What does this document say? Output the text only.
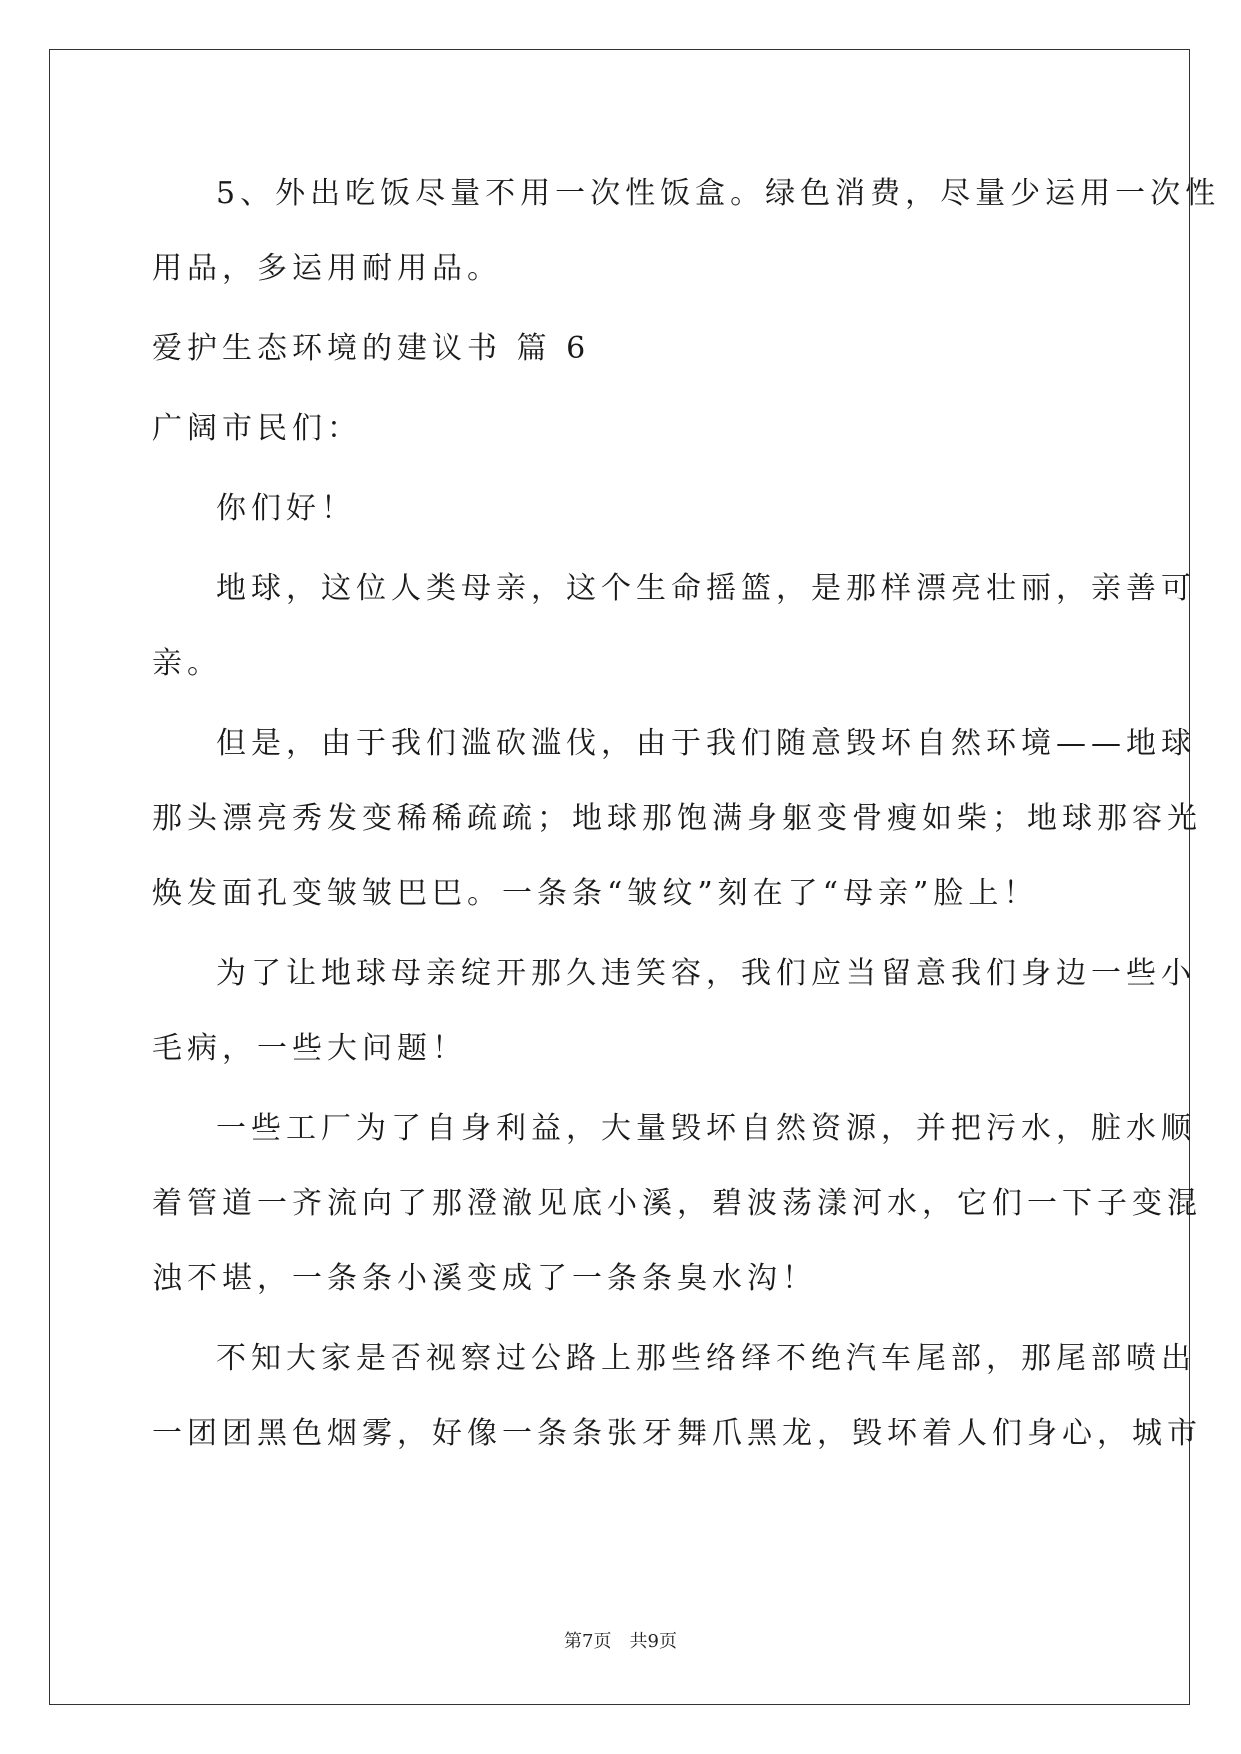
5、外出吃饭尽量不用一次性饭盒。绿色消费，尽量少运用一次性
用品，多运用耐用品。
爱护生态环境的建议书 篇 6
广阔市民们：
你们好！
地球，这位人类母亲，这个生命摇篮，是那样漂亮壮丽，亲善可
亲。
但是，由于我们滥砍滥伐，由于我们随意毁坏自然环境——地球
那头漂亮秀发变稀稀疏疏；地球那饱满身躯变骨瘦如柴；地球那容光
焕发面孔变皱皱巴巴。一条条“皱纹”刻在了“母亲”脸上！
为了让地球母亲绽开那久违笑容，我们应当留意我们身边一些小
毛病，一些大问题！
一些工厂为了自身利益，大量毁坏自然资源，并把污水，脏水顺
着管道一齐流向了那澄澈见底小溪，碧波荡漾河水，它们一下子变混
浊不堪，一条条小溪变成了一条条臭水沟！
不知大家是否视察过公路上那些络绎不绝汽车尾部，那尾部喷出
一团团黑色烟雾，好像一条条张牙舞爪黑龙，毁坏着人们身心，城市
第7页 共9页
